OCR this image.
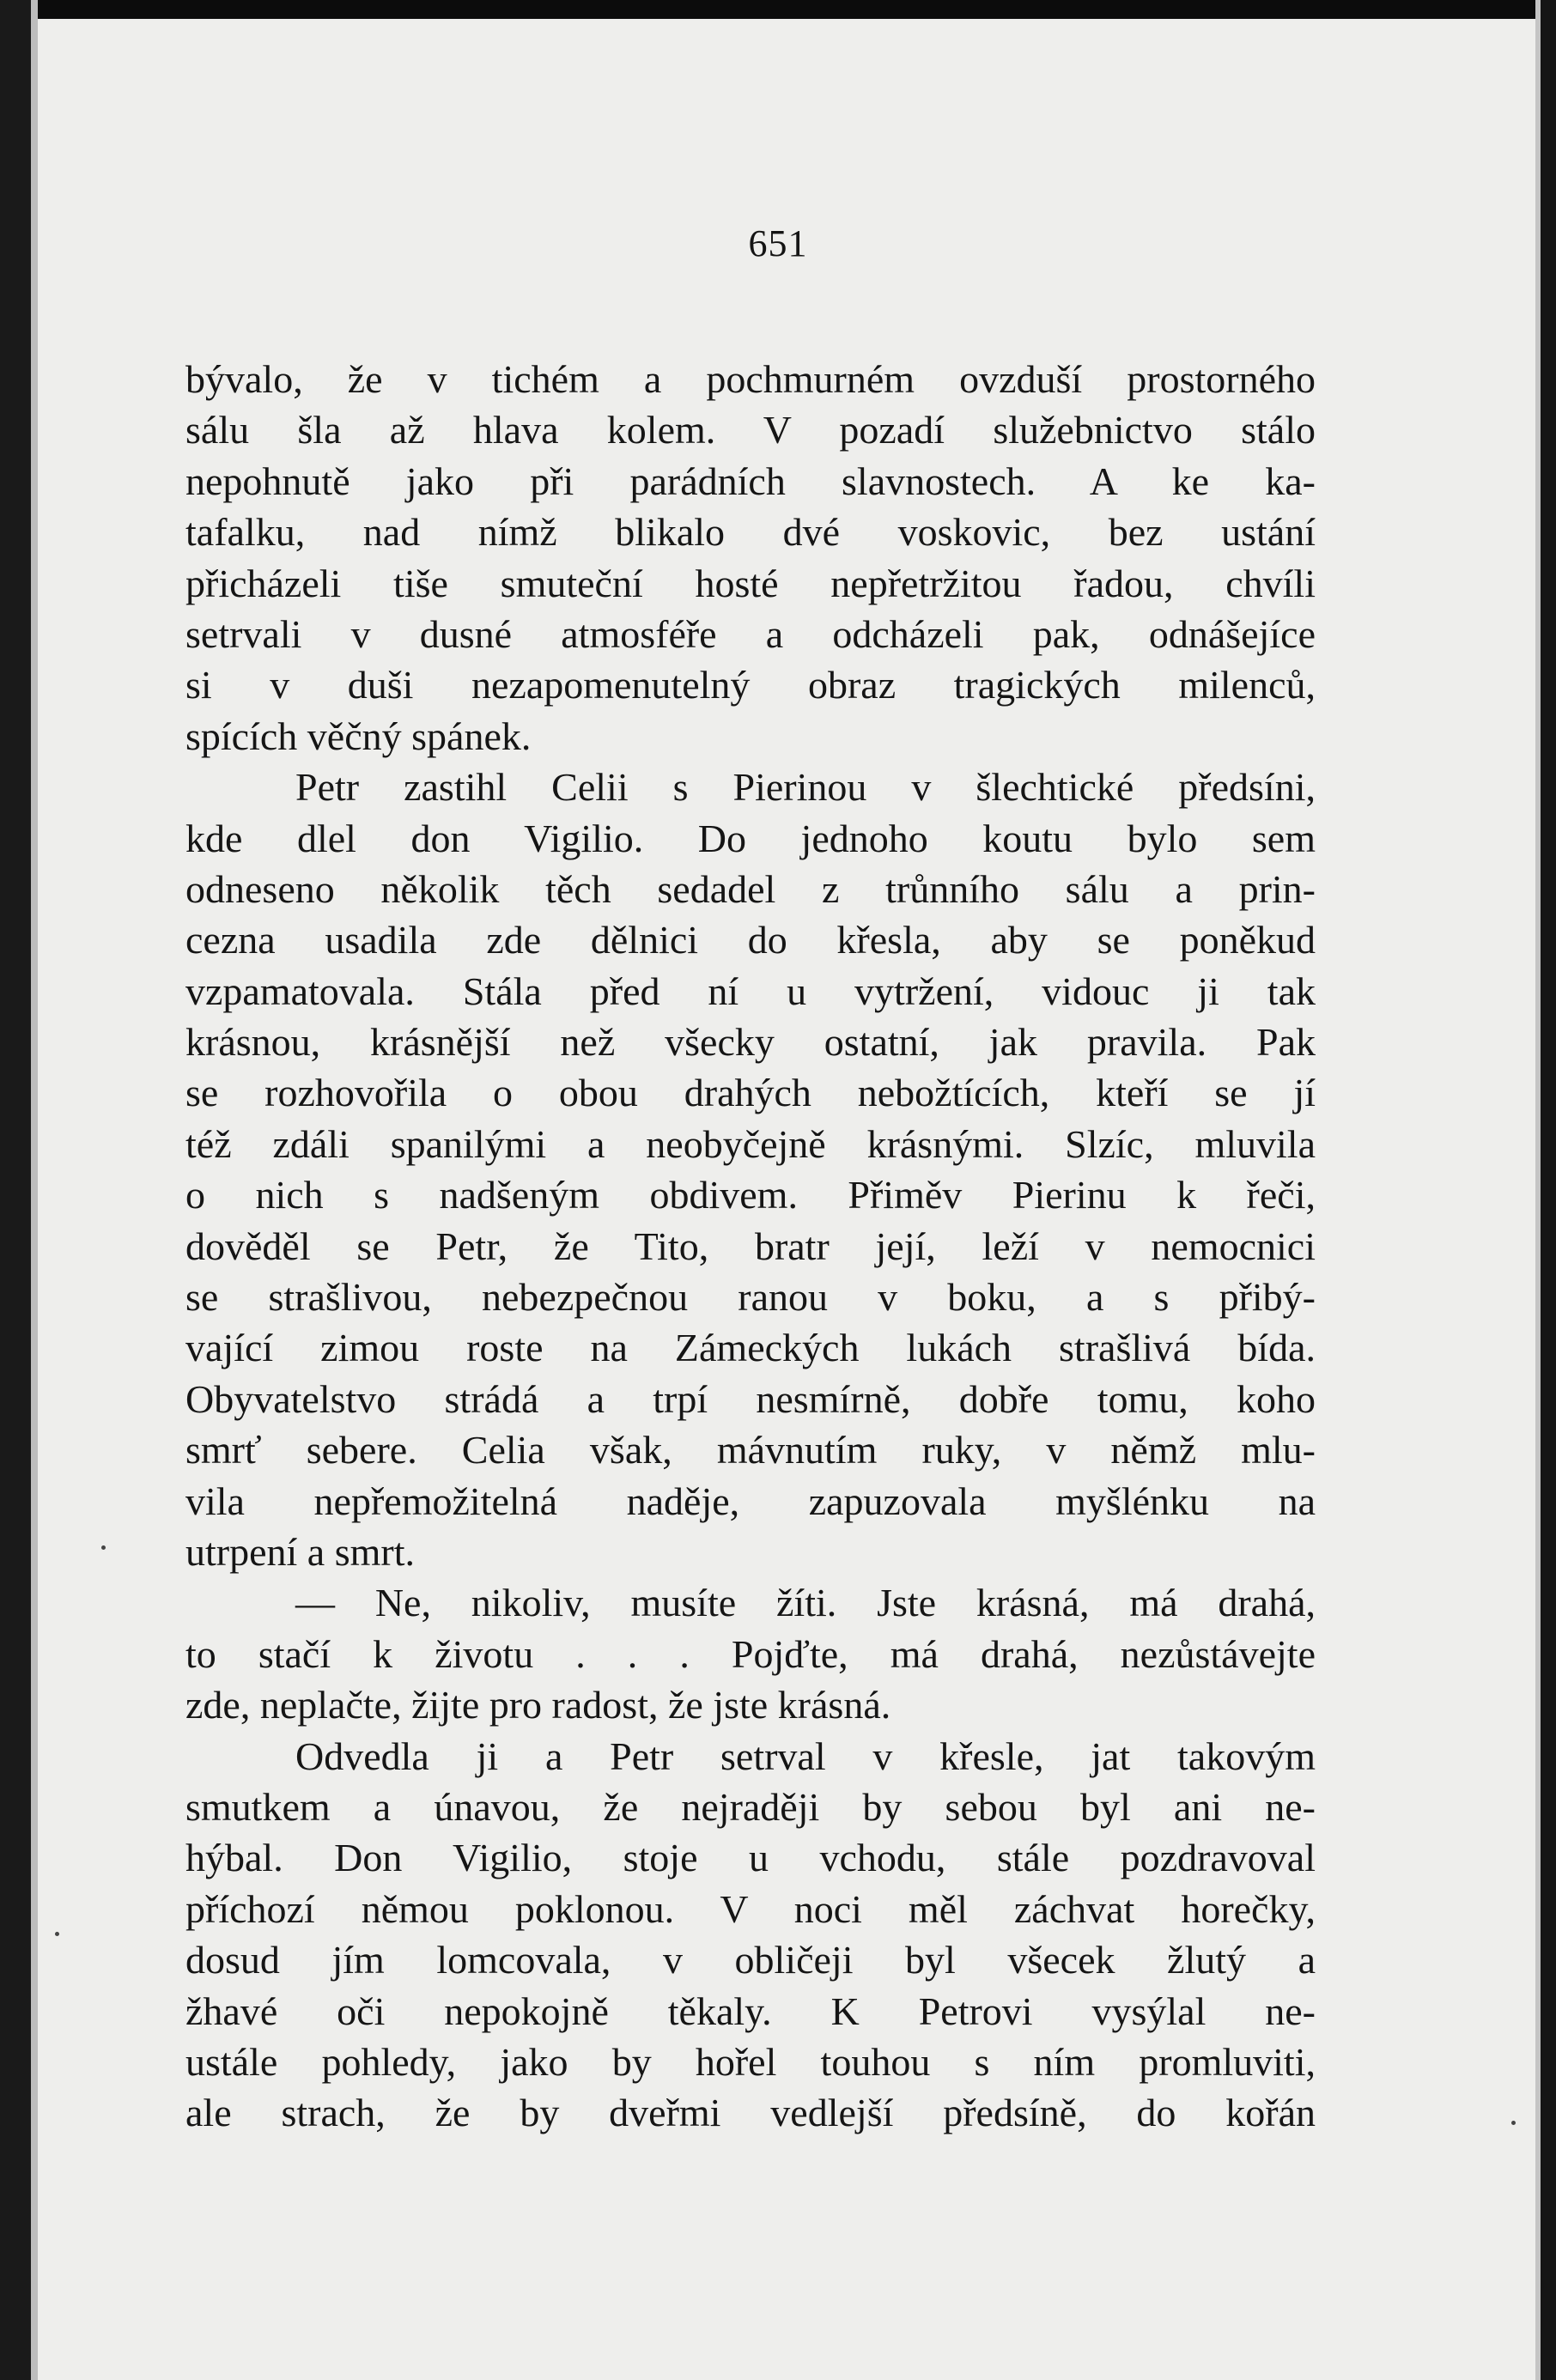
651
bývalo, že v tichém a pochmurném ovzduší prostorného
sálu šla až hlava kolem. V pozadí služebnictvo stálo
nepohnutě jako při parádních slavnostech. A ke ka-
tafalku, nad nímž blikalo dvé voskovic, bez ustání
přicházeli tiše smuteční hosté nepřetržitou řadou, chvíli
setrvali v dusné atmosféře a odcházeli pak, odnášejíce
si v duši nezapomenutelný obraz tragických milenců,
spících věčný spánek.
Petr zastihl Celii s Pierinou v šlechtické předsíni,
kde dlel don Vigilio. Do jednoho koutu bylo sem
odneseno několik těch sedadel z trůnního sálu a prin-
cezna usadila zde dělnici do křesla, aby se poněkud
vzpamatovala. Stála před ní u vytržení, vidouc ji tak
krásnou, krásnější než všecky ostatní, jak pravila. Pak
se rozhovořila o obou drahých nebožtících, kteří se jí
též zdáli spanilými a neobyčejně krásnými. Slzíc, mluvila
o nich s nadšeným obdivem. Přiměv Pierinu k řeči,
dověděl se Petr, že Tito, bratr její, leží v nemocnici
se strašlivou, nebezpečnou ranou v boku, a s přibý-
vající zimou roste na Zámeckých lukách strašlivá bída.
Obyvatelstvo strádá a trpí nesmírně, dobře tomu, koho
smrť sebere. Celia však, mávnutím ruky, v němž mlu-
vila nepřemožitelná naděje, zapuzovala myšlénku na
utrpení a smrt.
— Ne, nikoliv, musíte žíti. Jste krásná, má drahá,
to stačí k životu . . . Pojďte, má drahá, nezůstávejte
zde, neplačte, žijte pro radost, že jste krásná.
Odvedla ji a Petr setrval v křesle, jat takovým
smutkem a únavou, že nejraději by sebou byl ani ne-
hýbal. Don Vigilio, stoje u vchodu, stále pozdravoval
příchozí němou poklonou. V noci měl záchvat horečky,
dosud jím lomcovala, v obličeji byl všecek žlutý a
žhavé oči nepokojně těkaly. K Petrovi vysýlal ne-
ustále pohledy, jako by hořel touhou s ním promluviti,
ale strach, že by dveřmi vedlejší předsíně, do kořán
